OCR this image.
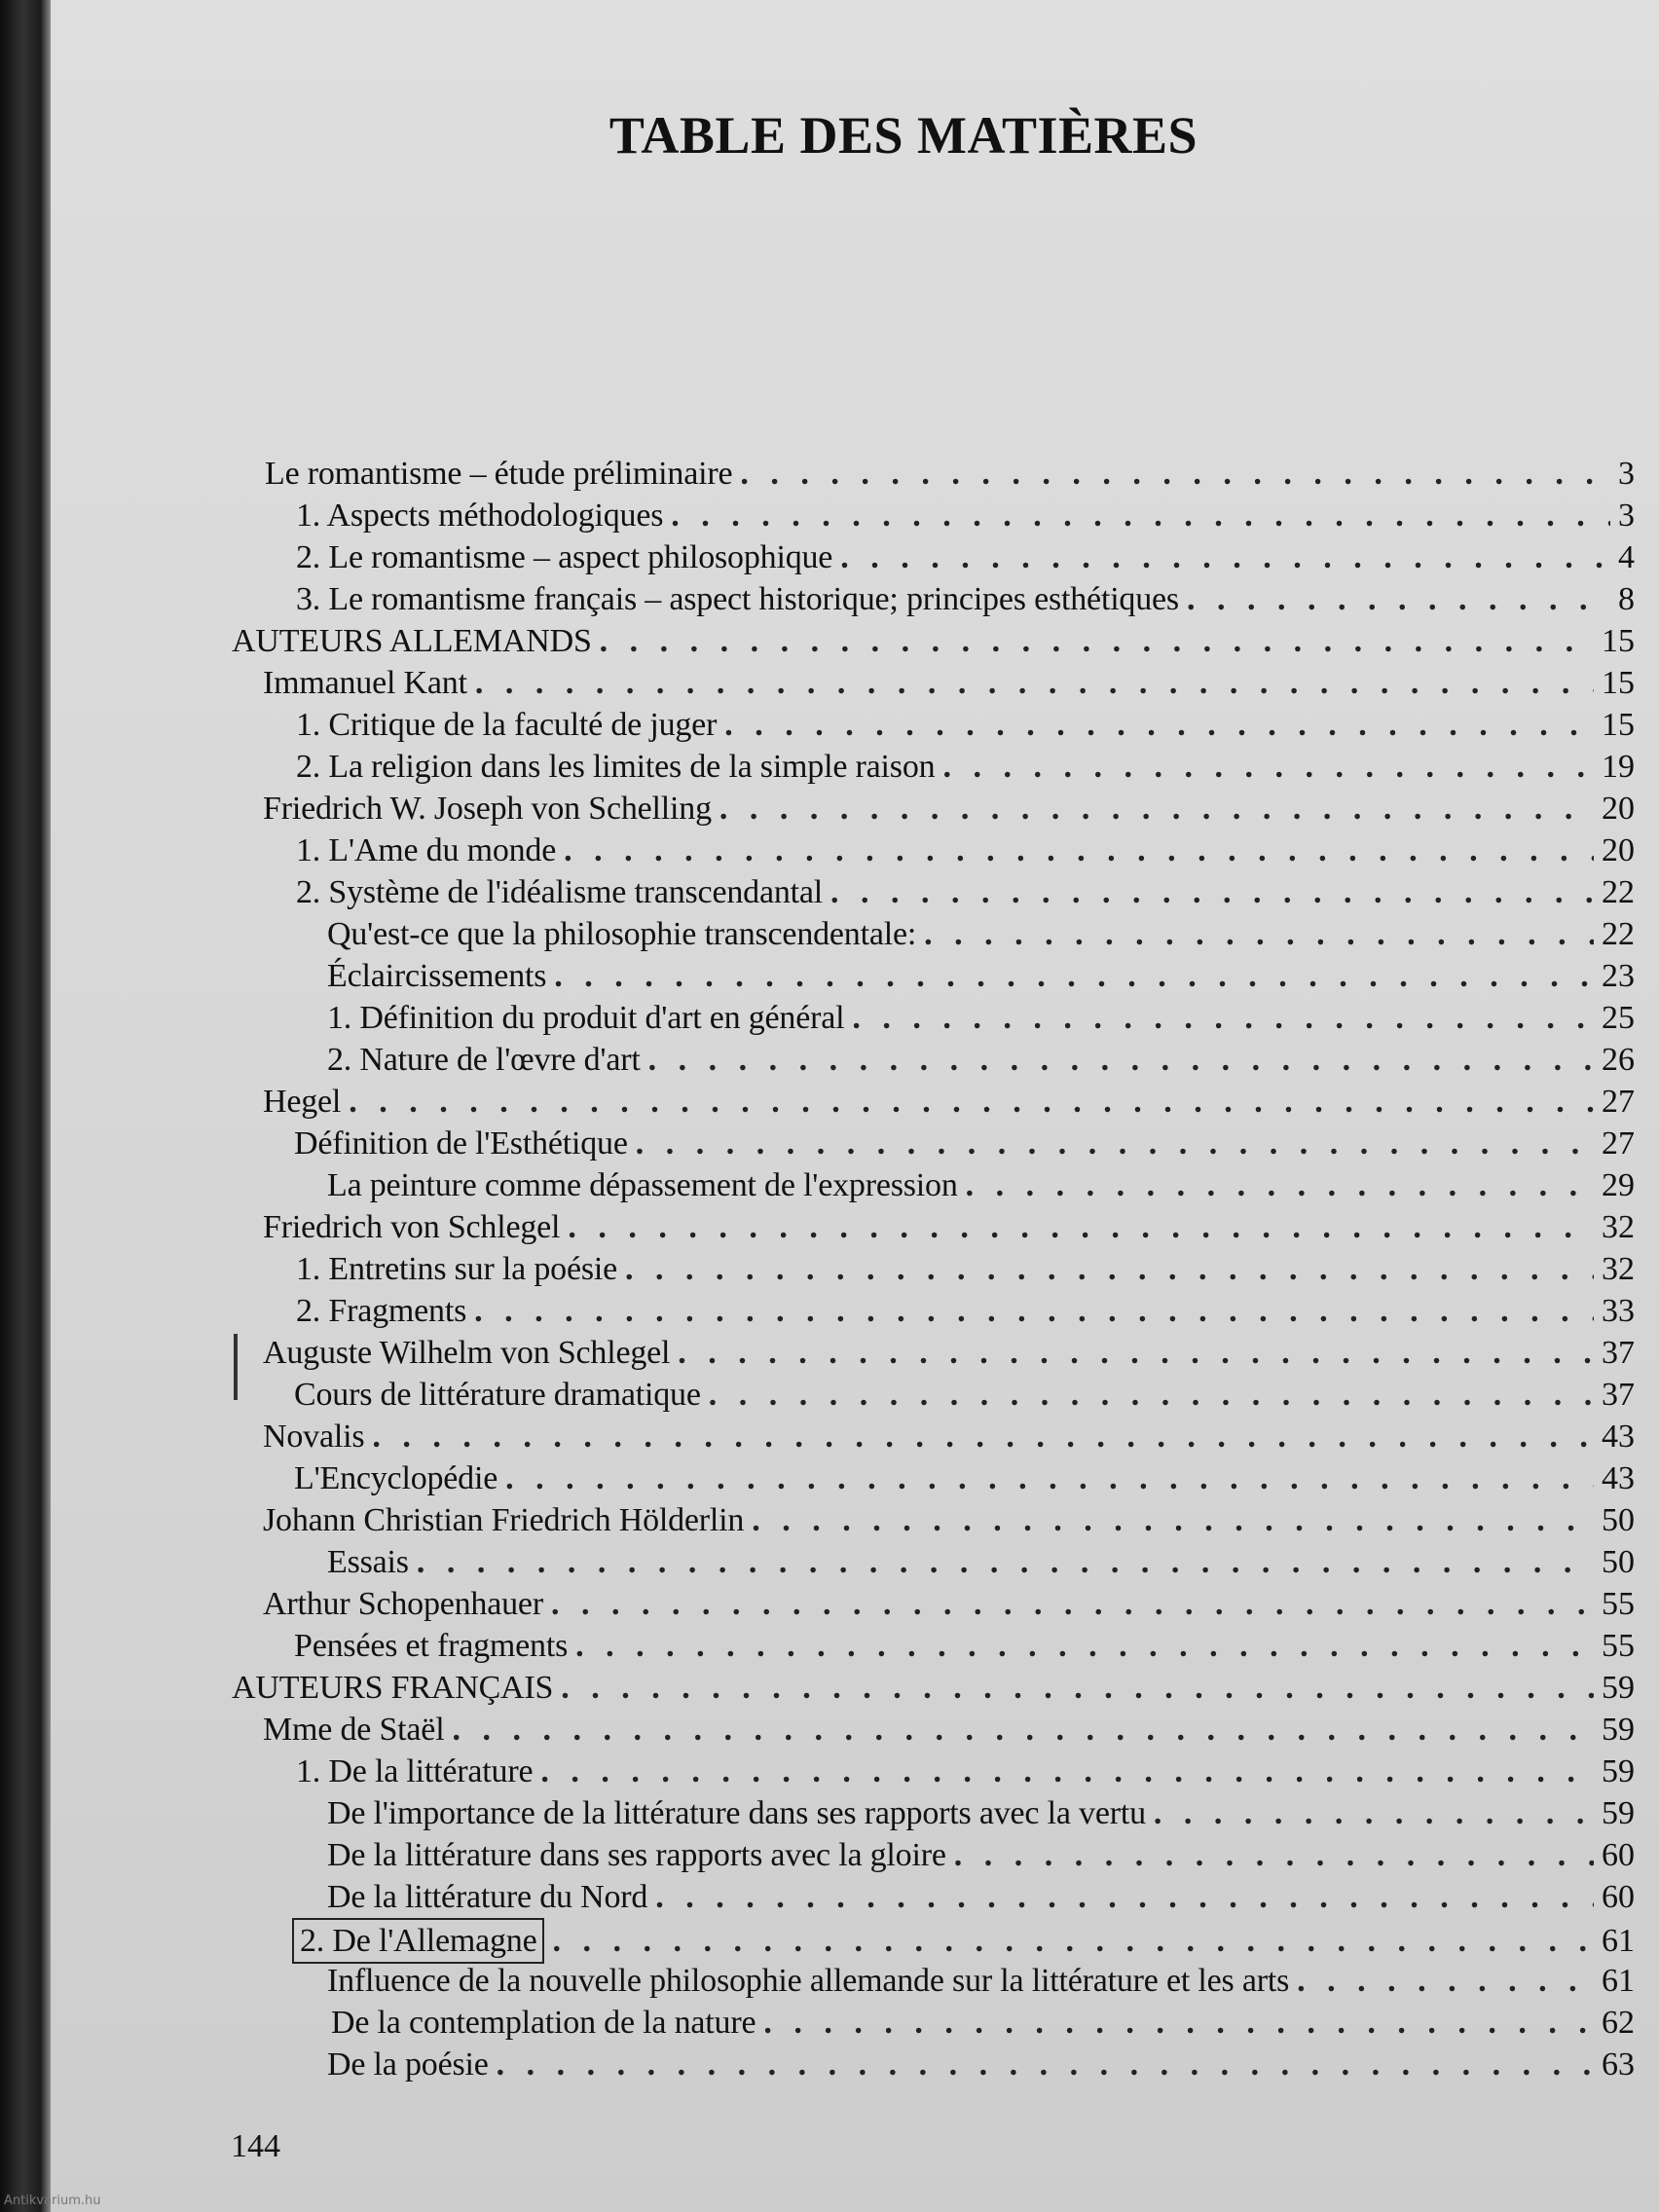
TABLE DES MATIÈRES
Le romantisme – étude préliminaire . . .	3
1. Aspects méthodologiques . . .	3
2. Le romantisme – aspect philosophique . . .	4
3. Le romantisme français – aspect historique; principes esthétiques . . .	8
AUTEURS ALLEMANDS . . .	15
Immanuel Kant . . .	15
1. Critique de la faculté de juger . . .	15
2. La religion dans les limites de la simple raison . . .	19
Friedrich W. Joseph von Schelling . . .	20
1. L'Ame du monde . . .	20
2. Système de l'idéalisme transcendantal . . .	22
Qu'est-ce que la philosophie transcendentale: . . .	22
Éclaircissements . . .	23
1. Définition du produit d'art en général . . .	25
2. Nature de l'œvre d'art . . .	26
Hegel . . .	27
Définition de l'Esthétique . . .	27
La peinture comme dépassement de l'expression . . .	29
Friedrich von Schlegel . . .	32
1. Entretins sur la poésie . . .	32
2. Fragments . . .	33
Auguste Wilhelm von Schlegel . . .	37
Cours de littérature dramatique . . .	37
Novalis . . .	43
L'Encyclopédie . . .	43
Johann Christian Friedrich Hölderlin . . .	50
Essais . . .	50
Arthur Schopenhauer . . .	55
Pensées et fragments . . .	55
AUTEURS FRANÇAIS . . .	59
Mme de Staël . . .	59
1. De la littérature . . .	59
De l'importance de la littérature dans ses rapports avec la vertu . . .	59
De la littérature dans ses rapports avec la gloire . . .	60
De la littérature du Nord . . .	60
2. De l'Allemagne . . .	61
Influence de la nouvelle philosophie allemande sur la littérature et les arts . . .	61
De la contemplation de la nature . . .	62
De la poésie . . .	63
144
Antikvarium.hu
